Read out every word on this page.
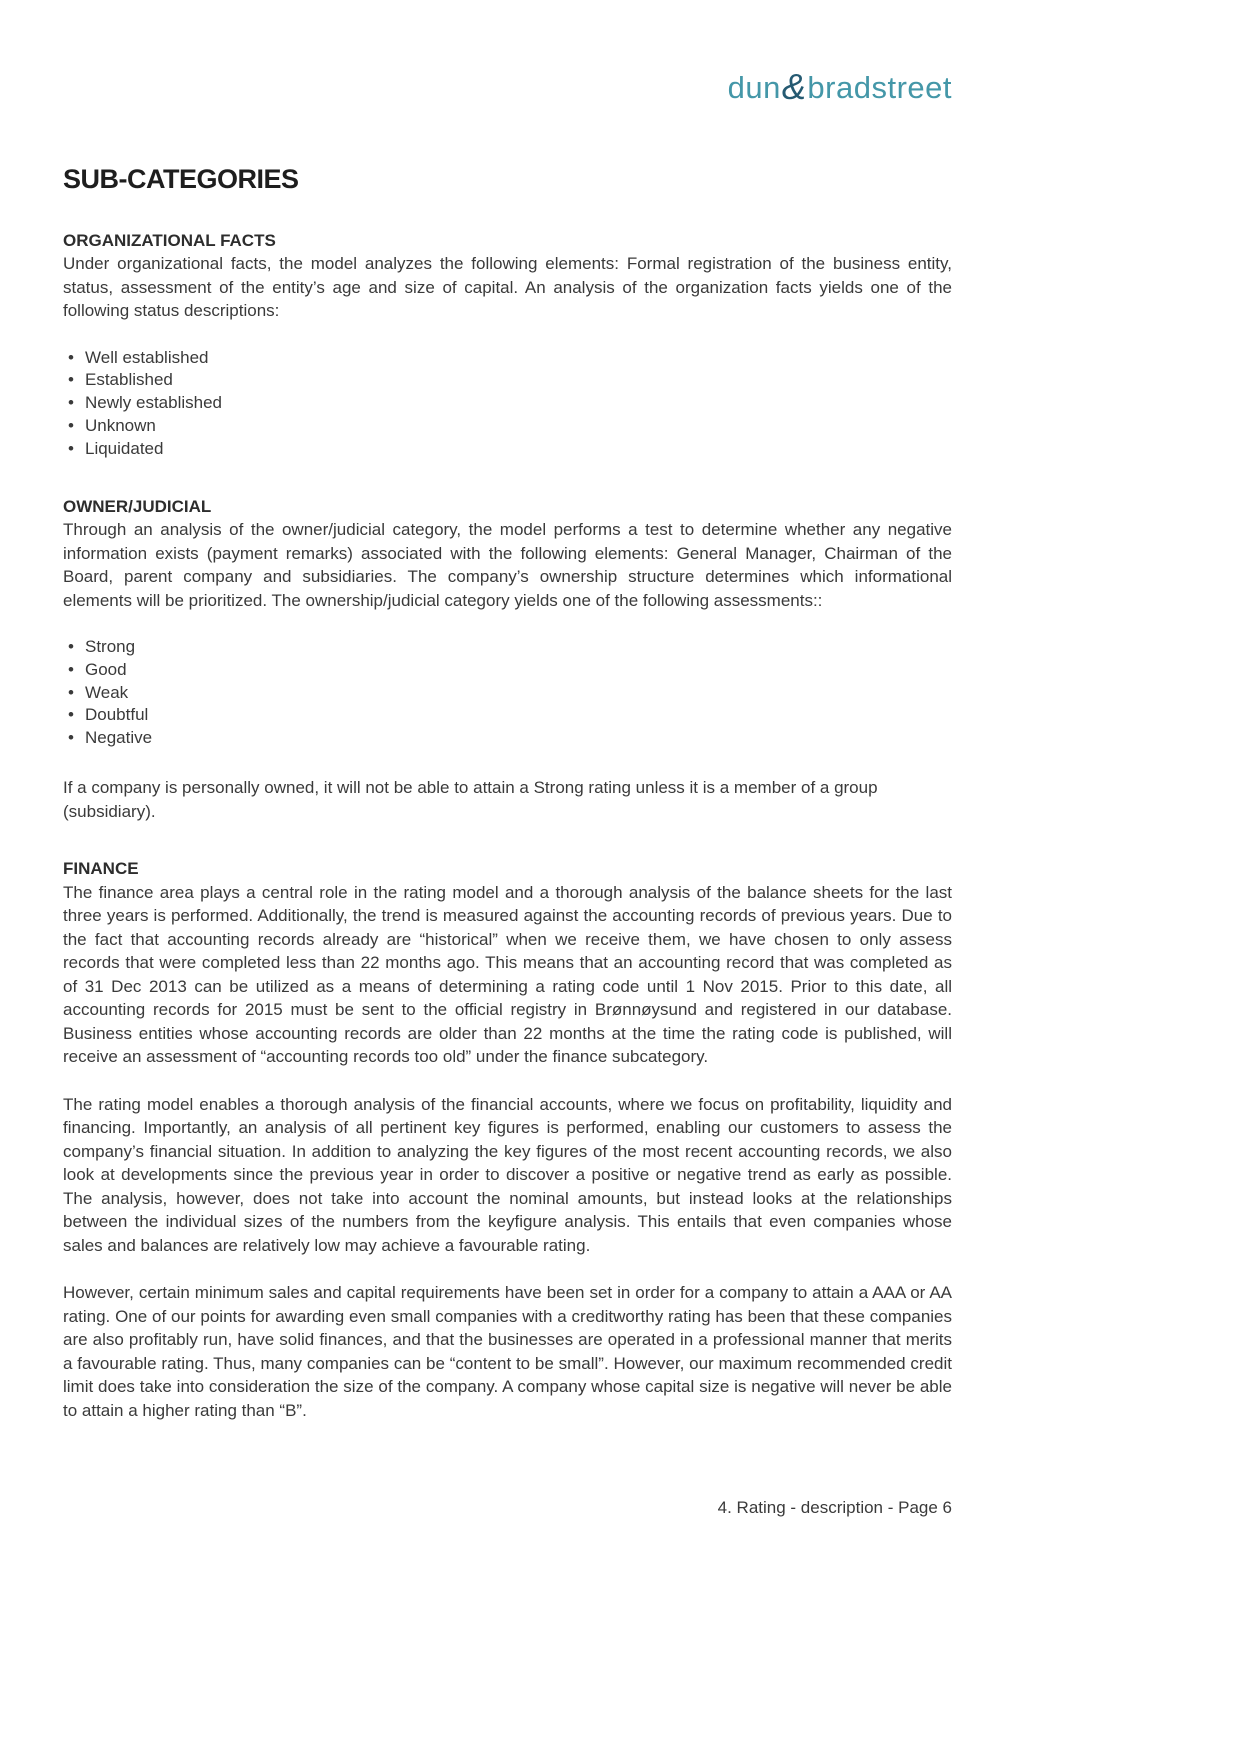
dun&bradstreet
SUB-CATEGORIES
ORGANIZATIONAL FACTS

Under organizational facts, the model analyzes the following elements: Formal registration of the business entity, status, assessment of the entity’s age and size of capital. An analysis of the organization facts yields one of the following status descriptions:

• Well established
• Established
• Newly established
• Unknown
• Liquidated
OWNER/JUDICIAL

Through an analysis of the owner/judicial category, the model performs a test to determine whether any negative information exists (payment remarks) associated with the following elements: General Manager, Chairman of the Board, parent company and subsidiaries. The company’s ownership structure determines which informational elements will be prioritized. The ownership/judicial category yields one of the following assessments::

• Strong
• Good
• Weak
• Doubtful
• Negative

If a company is personally owned, it will not be able to attain a Strong rating unless it is a member of a group (subsidiary).

FINANCE

The finance area plays a central role in the rating model and a thorough analysis of the balance sheets for the last three years is performed. Additionally, the trend is measured against the accounting records of previous years. Due to the fact that accounting records already are “historical” when we receive them, we have chosen to only assess records that were completed less than 22 months ago. This means that an accounting record that was completed as of 31 Dec 2013 can be utilized as a means of determining a rating code until 1 Nov 2015. Prior to this date, all accounting records for 2015 must be sent to the official registry in Brønnøysund and registered in our database. Business entities whose accounting records are older than 22 months at the time the rating code is published, will receive an assessment of “accounting records too old” under the finance subcategory.

The rating model enables a thorough analysis of the financial accounts, where we focus on profitability, liquidity and financing. Importantly, an analysis of all pertinent key figures is performed, enabling our customers to assess the company’s financial situation. In addition to analyzing the key figures of the most recent accounting records, we also look at developments since the previous year in order to discover a positive or negative trend as early as possible. The analysis, however, does not take into account the nominal amounts, but instead looks at the relationships between the individual sizes of the numbers from the keyfigure analysis. This entails that even companies whose sales and balances are relatively low may achieve a favourable rating.

However, certain minimum sales and capital requirements have been set in order for a company to attain a AAA or AA rating. One of our points for awarding even small companies with a creditworthy rating has been that these companies are also profitably run, have solid finances, and that the businesses are operated in a professional manner that merits a favourable rating. Thus, many companies can be “content to be small”. However, our maximum recommended credit limit does take into consideration the size of the company. A company whose capital size is negative will never be able to attain a higher rating than “B”.

4. Rating - description - Page 6
